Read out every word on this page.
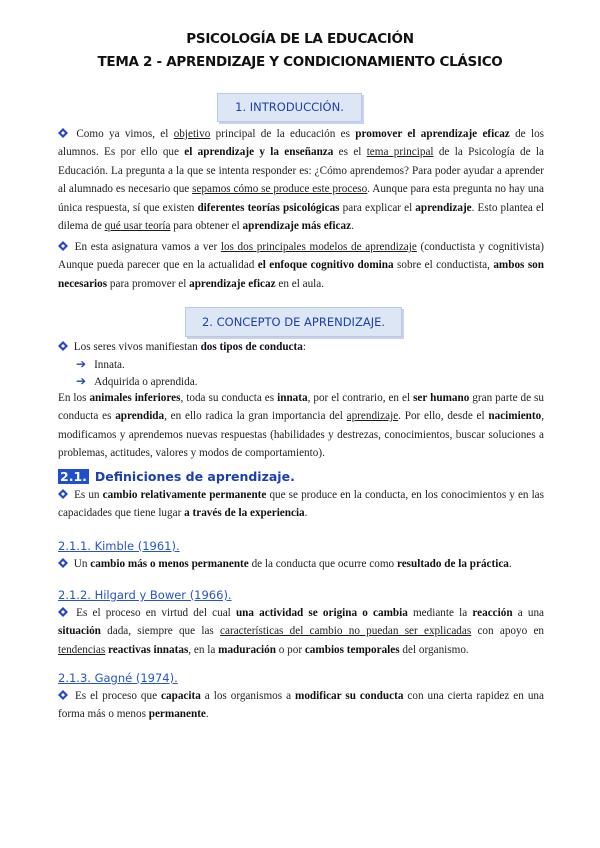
PSICOLOGÍA DE LA EDUCACIÓN
TEMA 2 - APRENDIZAJE Y CONDICIONAMIENTO CLÁSICO
1. INTRODUCCIÓN.

Como ya vimos, el objetivo principal de la educación es promover el aprendizaje eficaz de los alumnos. Es por ello que el aprendizaje y la enseñanza es el tema principal de la Psicología de la Educación. La pregunta a la que se intenta responder es: ¿Cómo aprendemos? Para poder ayudar a aprender al alumnado es necesario que sepamos cómo se produce este proceso. Aunque para esta pregunta no hay una única respuesta, sí que existen diferentes teorías psicológicas para explicar el aprendizaje. Esto plantea el dilema de qué usar teoría para obtener el aprendizaje más eficaz.

En esta asignatura vamos a ver los dos principales modelos de aprendizaje (conductista y cognitivista) Aunque pueda parecer que en la actualidad el enfoque cognitivo domina sobre el conductista, ambos son necesarios para promover el aprendizaje eficaz en el aula.

2. CONCEPTO DE APRENDIZAJE.

Los seres vivos manifiestan dos tipos de conducta:

➔ Innata.
➔ Adquirida o aprendida.

En los animales inferiores, toda su conducta es innata, por el contrario, en el ser humano gran parte de su conducta es aprendida, en ello radica la gran importancia del aprendizaje. Por ello, desde el nacimiento, modificamos y aprendemos nuevas respuestas (habilidades y destrezas, conocimientos, buscar soluciones a problemas, actitudes, valores y modos de comportamiento).

2.1. Definiciones de aprendizaje.

Es un cambio relativamente permanente que se produce en la conducta, en los conocimientos y en las capacidades que tiene lugar a través de la experiencia.

2.1.1. Kimble (1961).

Un cambio más o menos permanente de la conducta que ocurre como resultado de la práctica.

2.1.2. Hilgard y Bower (1966).

Es el proceso en virtud del cual una actividad se origina o cambia mediante la reacción a una situación dada, siempre que las características del cambio no puedan ser explicadas con apoyo en tendencias reactivas innatas, en la maduración o por cambios temporales del organismo.

2.1.3. Gagné (1974).

Es el proceso que capacita a los organismos a modificar su conducta con una cierta rapidez en una forma más o menos permanente.
